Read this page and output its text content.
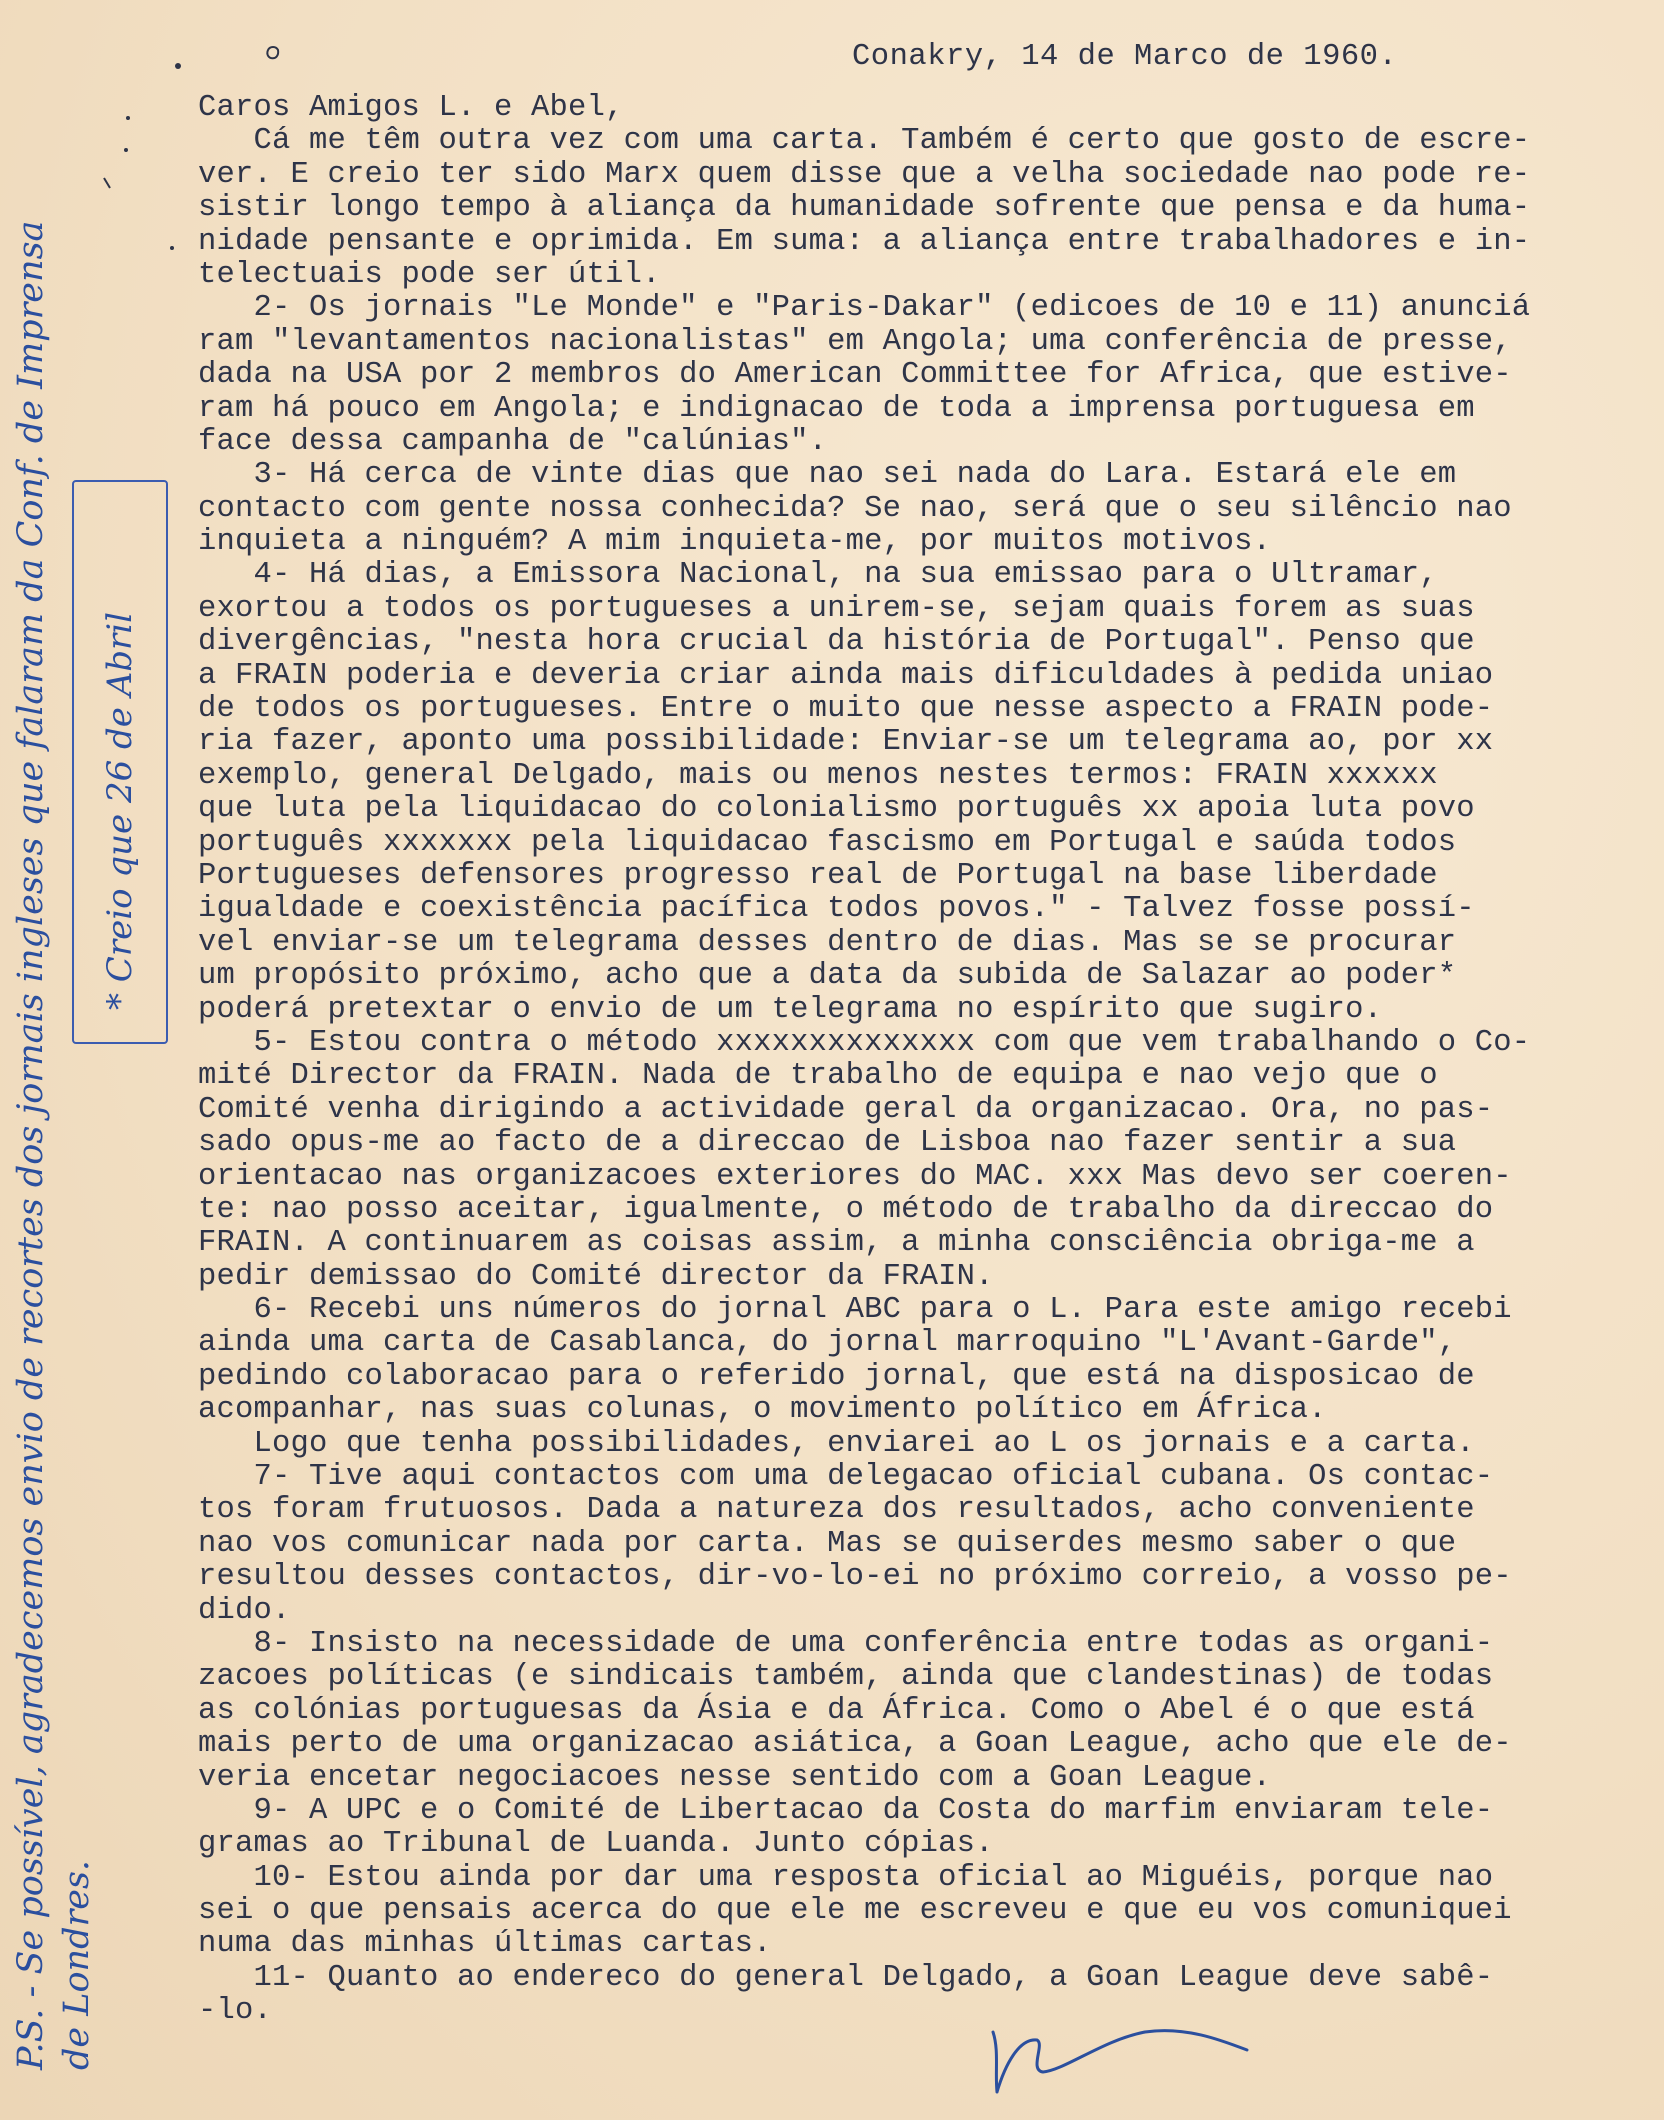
Conakry, 14 de Marco de 1960.
Caros Amigos L. e Abel,
Cá me têm outra vez com uma carta. Também é certo que gosto de escre-
ver. E creio ter sido Marx quem disse que a velha sociedade nao pode re-
sistir longo tempo à aliança da humanidade sofrente que pensa e da huma-
nidade pensante e oprimida. Em suma: a aliança entre trabalhadores e in-
telectuais pode ser útil.
2- Os jornais "Le Monde" e "Paris-Dakar" (edicoes de 10 e 11) anunciá
ram "levantamentos nacionalistas" em Angola; uma conferência de presse,
dada na USA por 2 membros do American Committee for Africa, que estive-
ram há pouco em Angola; e indignacao de toda a imprensa portuguesa em
face dessa campanha de "calúnias".
3- Há cerca de vinte dias que nao sei nada do Lara. Estará ele em
contacto com gente nossa conhecida? Se nao, será que o seu silêncio nao
inquieta a ninguém? A mim inquieta-me, por muitos motivos.
4- Há dias, a Emissora Nacional, na sua emissao para o Ultramar,
exortou a todos os portugueses a unirem-se, sejam quais forem as suas
divergências, "nesta hora crucial da história de Portugal". Penso que
a FRAIN poderia e deveria criar ainda mais dificuldades à pedida uniao
de todos os portugueses. Entre o muito que nesse aspecto a FRAIN pode-
ria fazer, aponto uma possibilidade: Enviar-se um telegrama ao, por xx
exemplo, general Delgado, mais ou menos nestes termos: FRAIN xxxxxx
que luta pela liquidacao do colonialismo português xx apoia luta povo
português xxxxxxx pela liquidacao fascismo em Portugal e saúda todos
Portugueses defensores progresso real de Portugal na base liberdade
igualdade e coexistência pacífica todos povos." - Talvez fosse possí-
vel enviar-se um telegrama desses dentro de dias. Mas se se procurar
um propósito próximo, acho que a data da subida de Salazar ao poder*
poderá pretextar o envio de um telegrama no espírito que sugiro.
5- Estou contra o método xxxxxxxxxxxxxx com que vem trabalhando o Co-
mité Director da FRAIN. Nada de trabalho de equipa e nao vejo que o
Comité venha dirigindo a actividade geral da organizacao. Ora, no pas-
sado opus-me ao facto de a direccao de Lisboa nao fazer sentir a sua
orientacao nas organizacoes exteriores do MAC. xxx Mas devo ser coeren-
te: nao posso aceitar, igualmente, o método de trabalho da direccao do
FRAIN. A continuarem as coisas assim, a minha consciência obriga-me a
pedir demissao do Comité director da FRAIN.
6- Recebi uns números do jornal ABC para o L. Para este amigo recebi
ainda uma carta de Casablanca, do jornal marroquino "L'Avant-Garde",
pedindo colaboracao para o referido jornal, que está na disposicao de
acompanhar, nas suas colunas, o movimento político em África.
Logo que tenha possibilidades, enviarei ao L os jornais e a carta.
7- Tive aqui contactos com uma delegacao oficial cubana. Os contac-
tos foram frutuosos. Dada a natureza dos resultados, acho conveniente
nao vos comunicar nada por carta. Mas se quiserdes mesmo saber o que
resultou desses contactos, dir-vo-lo-ei no próximo correio, a vosso pe-
dido.
8- Insisto na necessidade de uma conferência entre todas as organi-
zacoes políticas (e sindicais também, ainda que clandestinas) de todas
as colónias portuguesas da Ásia e da África. Como o Abel é o que está
mais perto de uma organizacao asiática, a Goan League, acho que ele de-
veria encetar negociacoes nesse sentido com a Goan League.
9- A UPC e o Comité de Libertacao da Costa do marfim enviaram tele-
gramas ao Tribunal de Luanda. Junto cópias.
10- Estou ainda por dar uma resposta oficial ao Miguéis, porque nao
sei o que pensais acerca do que ele me escreveu e que eu vos comuniquei
numa das minhas últimas cartas.
11- Quanto ao endereco do general Delgado, a Goan League deve sabê-
-lo.
P.S. - Se possível, agradecemos envio de recortes dos jornais ingleses que falaram da Conf. de Imprensa de Londres.
* Creio que 26 de Abril
